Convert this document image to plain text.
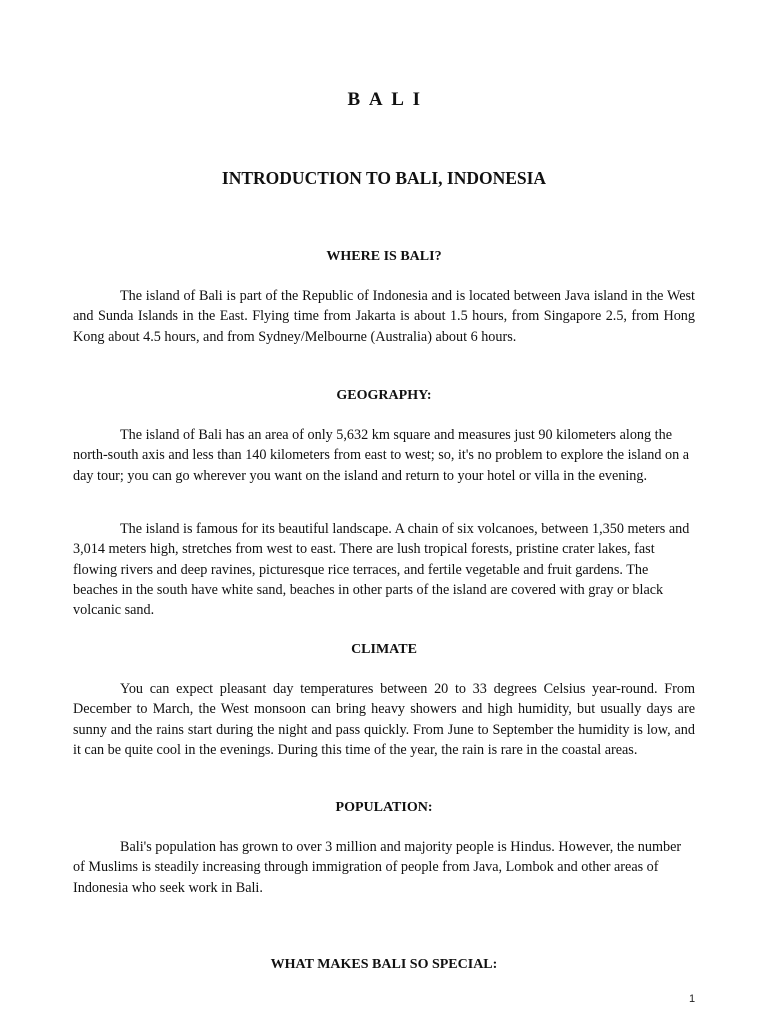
B A L I
INTRODUCTION TO BALI, INDONESIA
WHERE IS BALI?

The island of Bali is part of the Republic of Indonesia and is located between Java island in the West and Sunda Islands in the East. Flying time from Jakarta is about 1.5 hours, from Singapore 2.5, from Hong Kong about 4.5 hours, and from Sydney/Melbourne (Australia) about 6 hours.

GEOGRAPHY:

The island of Bali has an area of only 5,632 km square and measures just 90 kilometers along the north-south axis and less than 140 kilometers from east to west; so, it's no problem to explore the island on a day tour; you can go wherever you want on the island and return to your hotel or villa in the evening.

The island is famous for its beautiful landscape. A chain of six volcanoes, between 1,350 meters and 3,014 meters high, stretches from west to east. There are lush tropical forests, pristine crater lakes, fast flowing rivers and deep ravines, picturesque rice terraces, and fertile vegetable and fruit gardens. The beaches in the south have white sand, beaches in other parts of the island are covered with gray or black volcanic sand.

CLIMATE

You can expect pleasant day temperatures between 20 to 33 degrees Celsius year-round. From December to March, the West monsoon can bring heavy showers and high humidity, but usually days are sunny and the rains start during the night and pass quickly. From June to September the humidity is low, and it can be quite cool in the evenings. During this time of the year, the rain is rare in the coastal areas.

POPULATION:

Bali's population has grown to over 3 million and majority people is Hindus. However, the number of Muslims is steadily increasing through immigration of people from Java, Lombok and other areas of Indonesia who seek work in Bali.

WHAT MAKES BALI SO SPECIAL:
1
